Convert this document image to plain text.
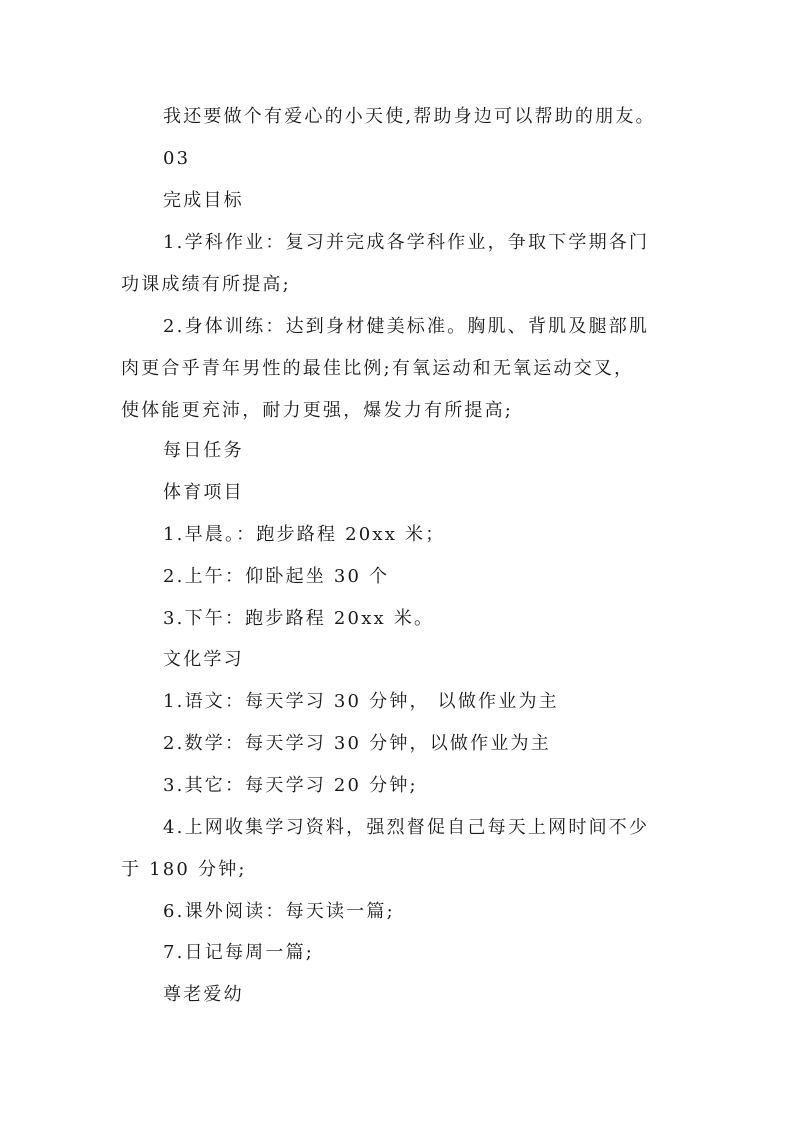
我还要做个有爱心的小天使,帮助身边可以帮助的朋友。
03
完成目标
1.学科作业：复习并完成各学科作业，争取下学期各门
功课成绩有所提高;
2.身体训练：达到身材健美标准。胸肌、背肌及腿部肌
肉更合乎青年男性的最佳比例;有氧运动和无氧运动交叉，
使体能更充沛，耐力更强，爆发力有所提高;
每日任务
体育项目
1.早晨。：跑步路程 20xx 米；
2.上午：仰卧起坐 30 个
3.下午：跑步路程 20xx 米。
文化学习
1.语文：每天学习 30 分钟， 以做作业为主
2.数学：每天学习 30 分钟，以做作业为主
3.其它：每天学习 20 分钟;
4.上网收集学习资料，强烈督促自己每天上网时间不少
于 180 分钟;
6.课外阅读：每天读一篇;
7.日记每周一篇;
尊老爱幼
